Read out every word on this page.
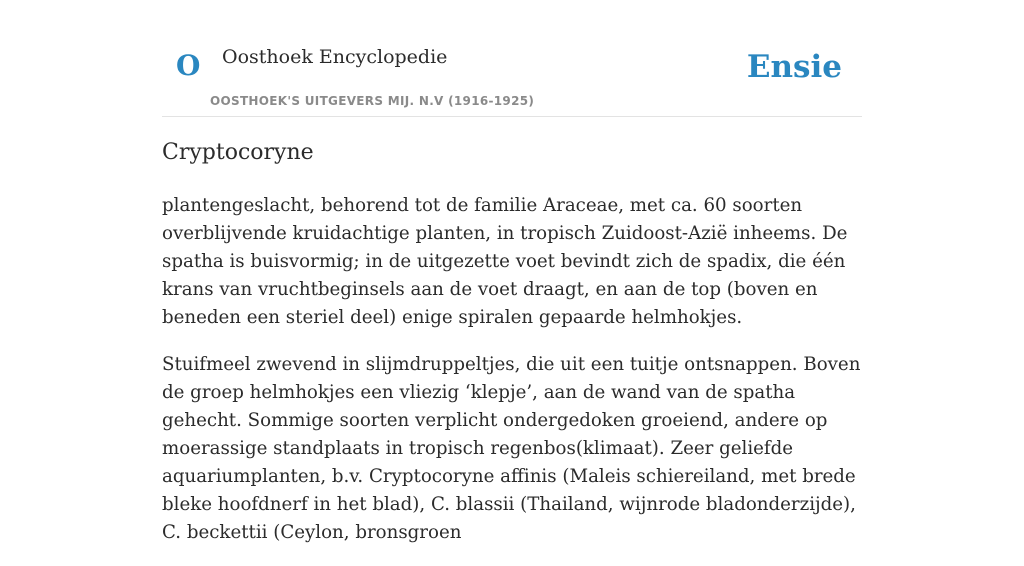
O Oosthoek Encyclopedie
OOSTHOEK'S UITGEVERS MIJ. N.V (1916-1925)
Ensie
Cryptocoryne

plantengeslacht, behorend tot de familie Araceae, met ca. 60 soorten overblijvende kruidachtige planten, in tropisch Zuidoost-Azië inheems. De spatha is buisvormig; in de uitgezette voet bevindt zich de spadix, die één krans van vruchtbeginsels aan de voet draagt, en aan de top (boven en beneden een steriel deel) enige spiralen gepaarde helmhokjes.

Stuifmeel zwevend in slijmdruppeltjes, die uit een tuitje ontsnappen. Boven de groep helmhokjes een vliezig ‘klepje’, aan de wand van de spatha gehecht. Sommige soorten verplicht ondergedoken groeiend, andere op moerassige standplaats in tropisch regenbos(klimaat). Zeer geliefde aquariumplanten, b.v. Cryptocoryne affinis (Maleis schiereiland, met brede bleke hoofdnerf in het blad), C. blassii (Thailand, wijnrode bladonderzijde), C. beckettii (Ceylon, bronsgroen
